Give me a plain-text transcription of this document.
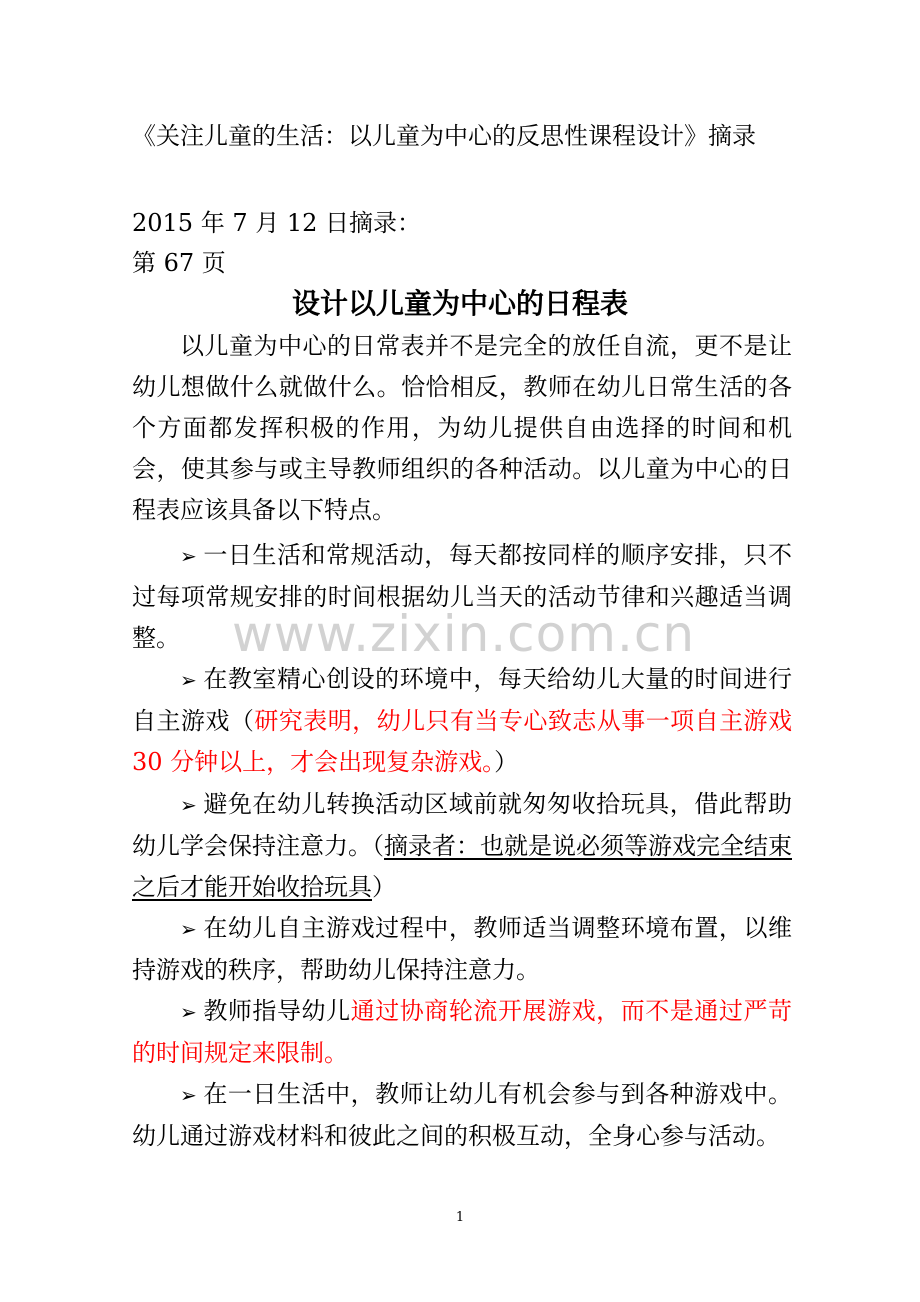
www.zixin.com.cn
《关注儿童的生活：以儿童为中心的反思性课程设计》摘录
2015 年 7 月 12 日摘录：
第 67 页
设计以儿童为中心的日程表
以儿童为中心的日常表并不是完全的放任自流，更不是让幼儿想做什么就做什么。恰恰相反，教师在幼儿日常生活的各个方面都发挥积极的作用，为幼儿提供自由选择的时间和机会，使其参与或主导教师组织的各种活动。以儿童为中心的日程表应该具备以下特点。
➢ 一日生活和常规活动，每天都按同样的顺序安排，只不过每项常规安排的时间根据幼儿当天的活动节律和兴趣适当调整。
➢ 在教室精心创设的环境中，每天给幼儿大量的时间进行自主游戏（研究表明，幼儿只有当专心致志从事一项自主游戏 30 分钟以上，才会出现复杂游戏。）
➢ 避免在幼儿转换活动区域前就匆匆收拾玩具，借此帮助幼儿学会保持注意力。（摘录者：也就是说必须等游戏完全结束之后才能开始收拾玩具）
➢ 在幼儿自主游戏过程中，教师适当调整环境布置，以维持游戏的秩序，帮助幼儿保持注意力。
➢ 教师指导幼儿通过协商轮流开展游戏，而不是通过严苛的时间规定来限制。
➢ 在一日生活中，教师让幼儿有机会参与到各种游戏中。幼儿通过游戏材料和彼此之间的积极互动，全身心参与活动。
1
